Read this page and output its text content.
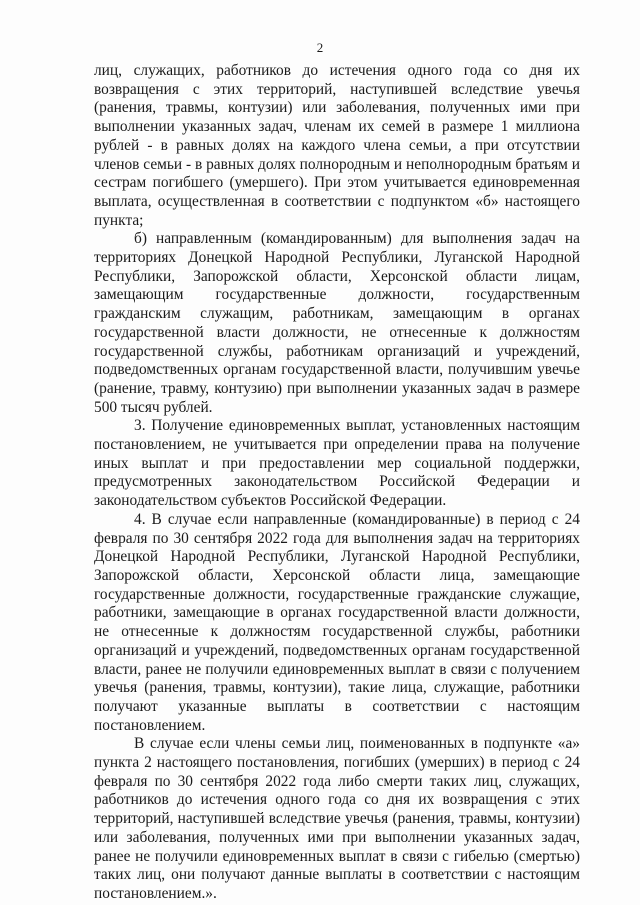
2

лиц, служащих, работников до истечения одного года со дня их возвращения с этих территорий, наступившей вследствие увечья (ранения, травмы, контузии) или заболевания, полученных ими при выполнении указанных задач, членам их семей в размере 1 миллиона рублей - в равных долях на каждого члена семьи, а при отсутствии членов семьи - в равных долях полнородным и неполнородным братьям и сестрам погибшего (умершего). При этом учитывается единовременная выплата, осуществленная в соответствии с подпунктом «б» настоящего пункта;

б) направленным (командированным) для выполнения задач на территориях Донецкой Народной Республики, Луганской Народной Республики, Запорожской области, Херсонской области лицам, замещающим государственные должности, государственным гражданским служащим, работникам, замещающим в органах государственной власти должности, не отнесенные к должностям государственной службы, работникам организаций и учреждений, подведомственных органам государственной власти, получившим увечье (ранение, травму, контузию) при выполнении указанных задач в размере 500 тысяч рублей.

3. Получение единовременных выплат, установленных настоящим постановлением, не учитывается при определении права на получение иных выплат и при предоставлении мер социальной поддержки, предусмотренных законодательством Российской Федерации и законодательством субъектов Российской Федерации.

4. В случае если направленные (командированные) в период с 24 февраля по 30 сентября 2022 года для выполнения задач на территориях Донецкой Народной Республики, Луганской Народной Республики, Запорожской области, Херсонской области лица, замещающие государственные должности, государственные гражданские служащие, работники, замещающие в органах государственной власти должности, не отнесенные к должностям государственной службы, работники организаций и учреждений, подведомственных органам государственной власти, ранее не получили единовременных выплат в связи с получением увечья (ранения, травмы, контузии), такие лица, служащие, работники получают указанные выплаты в соответствии с настоящим постановлением.

В случае если члены семьи лиц, поименованных в подпункте «а» пункта 2 настоящего постановления, погибших (умерших) в период с 24 февраля по 30 сентября 2022 года либо смерти таких лиц, служащих, работников до истечения одного года со дня их возвращения с этих территорий, наступившей вследствие увечья (ранения, травмы, контузии) или заболевания, полученных ими при выполнении указанных задач, ранее не получили единовременных выплат в связи с гибелью (смертью) таких лиц, они получают данные выплаты в соответствии с настоящим постановлением.».
